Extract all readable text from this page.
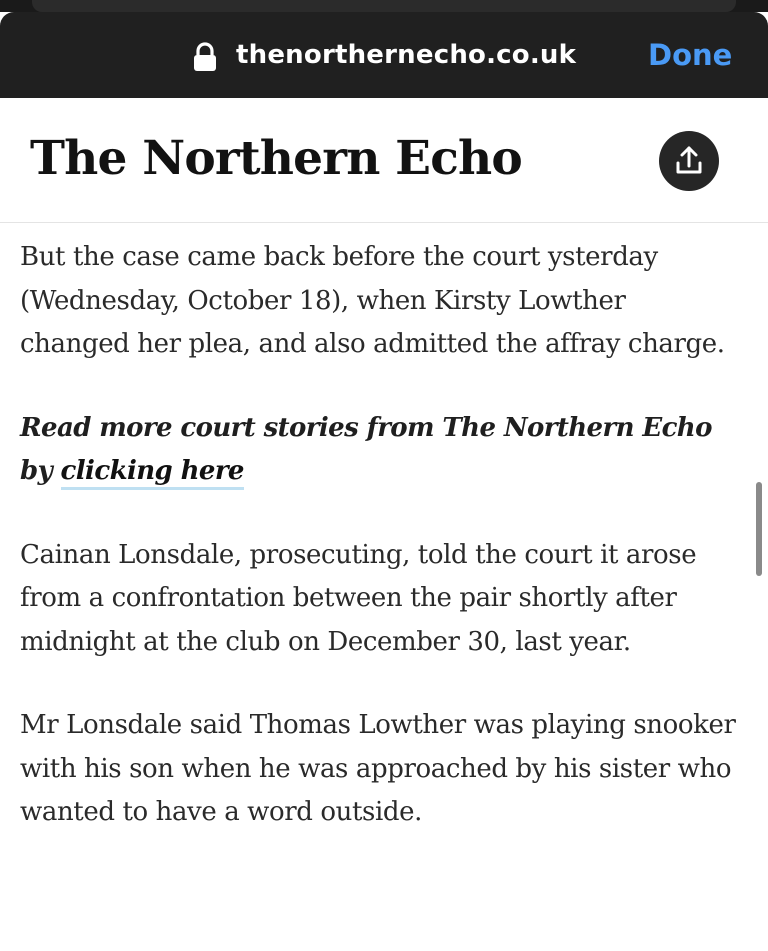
thenorthernecho.co.uk Done
The Northern Echo

But the case came back before the court ysterday (Wednesday, October 18), when Kirsty Lowther changed her plea, and also admitted the affray charge.

Read more court stories from The Northern Echo by clicking here

Cainan Lonsdale, prosecuting, told the court it arose from a confrontation between the pair shortly after midnight at the club on December 30, last year.

Mr Lonsdale said Thomas Lowther was playing snooker with his son when he was approached by his sister who wanted to have a word outside.
